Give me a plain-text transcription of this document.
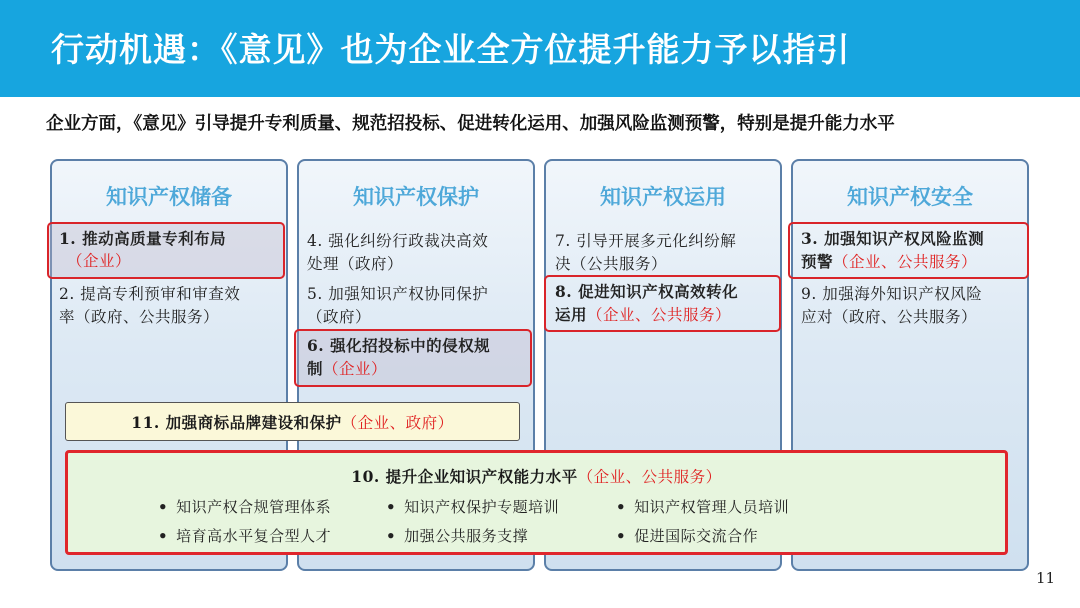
行动机遇：《意见》也为企业全方位提升能力予以指引
企业方面，《意见》引导提升专利质量、规范招投标、促进转化运用、加强风险监测预警，特别是提升能力水平
知识产权储备
1. 推动高质量专利布局
（企业）
2. 提高专利预审和审查效
率（政府、公共服务）
知识产权保护
4. 强化纠纷行政裁决高效
处理（政府）
5. 加强知识产权协同保护
（政府）
6. 强化招投标中的侵权规
制（企业）
知识产权运用
7. 引导开展多元化纠纷解
决（公共服务）
8. 促进知识产权高效转化
运用（企业、公共服务）
知识产权安全
3. 加强知识产权风险监测
预警（企业、公共服务）
9. 加强海外知识产权风险
应对（政府、公共服务）
11. 加强商标品牌建设和保护 （企业、政府）
10. 提升企业知识产权能力水平（企业、公共服务）
• 知识产权合规管理体系	• 知识产权保护专题培训	• 知识产权管理人员培训
• 培育高水平复合型人才	• 加强公共服务支撑	• 促进国际交流合作
11
